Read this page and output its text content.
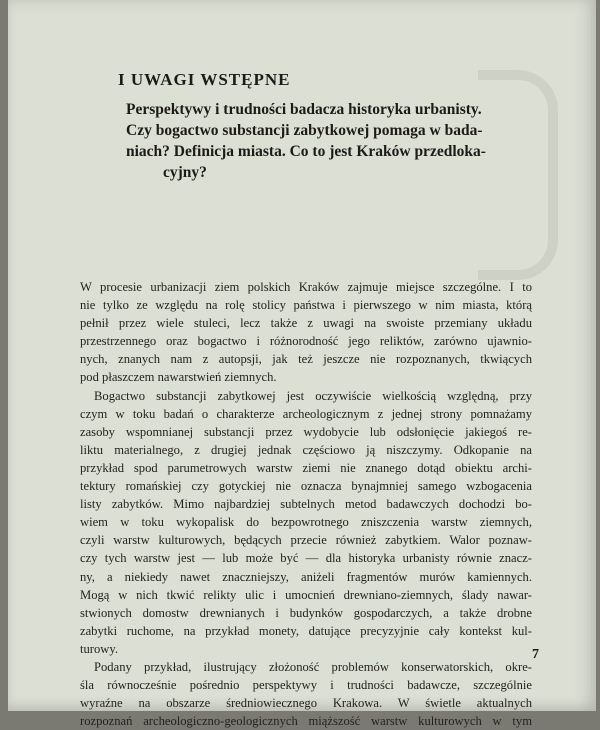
I UWAGI WSTĘPNE
Perspektywy i trudności badacza historyka urbanisty.
Czy bogactwo substancji zabytkowej pomaga w bada-
niach? Definicja miasta. Co to jest Kraków przedloka-
cyjny?
W procesie urbanizacji ziem polskich Kraków zajmuje miejsce szczególne. I to
nie tylko ze względu na rolę stolicy państwa i pierwszego w nim miasta, którą
pełnił przez wiele stuleci, lecz także z uwagi na swoiste przemiany układu
przestrzennego oraz bogactwo i różnorodność jego reliktów, zarówno ujawnio-
nych, znanych nam z autopsji, jak też jeszcze nie rozpoznanych, tkwiących
pod płaszczem nawarstwień ziemnych.
Bogactwo substancji zabytkowej jest oczywiście wielkością względną, przy
czym w toku badań o charakterze archeologicznym z jednej strony pomnażamy
zasoby wspomnianej substancji przez wydobycie lub odsłonięcie jakiegoś re-
liktu materialnego, z drugiej jednak częściowo ją niszczymy. Odkopanie na
przykład spod parumetrowych warstw ziemi nie znanego dotąd obiektu archi-
tektury romańskiej czy gotyckiej nie oznacza bynajmniej samego wzbogacenia
listy zabytków. Mimo najbardziej subtelnych metod badawczych dochodzi bo-
wiem w toku wykopalisk do bezpowrotnego zniszczenia warstw ziemnych,
czyli warstw kulturowych, będących przecie również zabytkiem. Walor poznaw-
czy tych warstw jest — lub może być — dla historyka urbanisty równie znacz-
ny, a niekiedy nawet znaczniejszy, aniżeli fragmentów murów kamiennych.
Mogą w nich tkwić relikty ulic i umocnień drewniano-ziemnych, ślady nawar-
stwionych domostw drewnianych i budynków gospodarczych, a także drobne
zabytki ruchome, na przykład monety, datujące precyzyjnie cały kontekst kul-
turowy.
Podany przykład, ilustrujący złożoność problemów konserwatorskich, okre-
śla równocześnie pośrednio perspektywy i trudności badawcze, szczególnie
wyraźne na obszarze średniowiecznego Krakowa. W świetle aktualnych
rozpoznań archeologiczno-geologicznych miąższość warstw kulturowych w tym
7
